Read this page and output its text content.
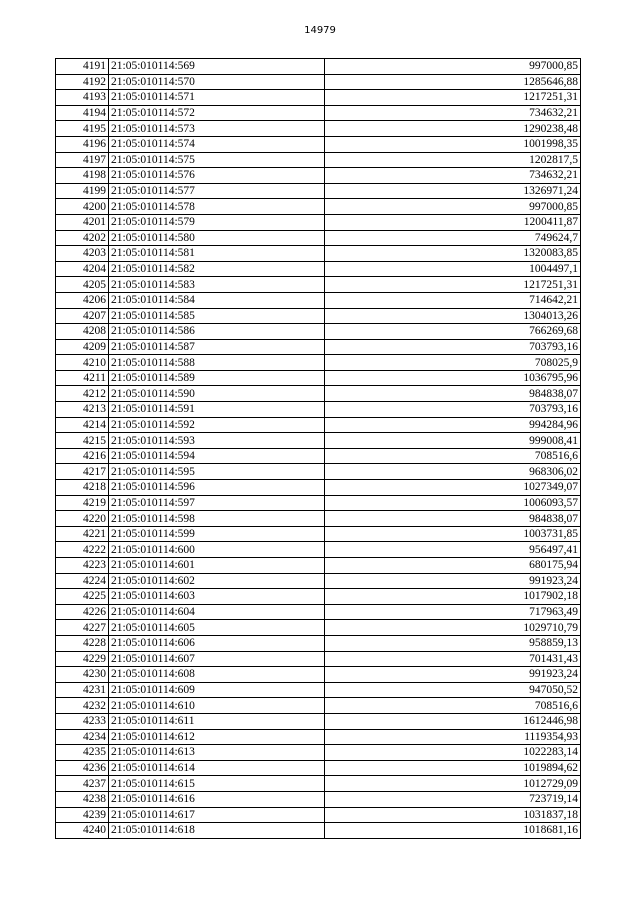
14979
4191	21:05:010114:569	997000,85
4192	21:05:010114:570	1285646,88
4193	21:05:010114:571	1217251,31
4194	21:05:010114:572	734632,21
4195	21:05:010114:573	1290238,48
4196	21:05:010114:574	1001998,35
4197	21:05:010114:575	1202817,5
4198	21:05:010114:576	734632,21
4199	21:05:010114:577	1326971,24
4200	21:05:010114:578	997000,85
4201	21:05:010114:579	1200411,87
4202	21:05:010114:580	749624,7
4203	21:05:010114:581	1320083,85
4204	21:05:010114:582	1004497,1
4205	21:05:010114:583	1217251,31
4206	21:05:010114:584	714642,21
4207	21:05:010114:585	1304013,26
4208	21:05:010114:586	766269,68
4209	21:05:010114:587	703793,16
4210	21:05:010114:588	708025,9
4211	21:05:010114:589	1036795,96
4212	21:05:010114:590	984838,07
4213	21:05:010114:591	703793,16
4214	21:05:010114:592	994284,96
4215	21:05:010114:593	999008,41
4216	21:05:010114:594	708516,6
4217	21:05:010114:595	968306,02
4218	21:05:010114:596	1027349,07
4219	21:05:010114:597	1006093,57
4220	21:05:010114:598	984838,07
4221	21:05:010114:599	1003731,85
4222	21:05:010114:600	956497,41
4223	21:05:010114:601	680175,94
4224	21:05:010114:602	991923,24
4225	21:05:010114:603	1017902,18
4226	21:05:010114:604	717963,49
4227	21:05:010114:605	1029710,79
4228	21:05:010114:606	958859,13
4229	21:05:010114:607	701431,43
4230	21:05:010114:608	991923,24
4231	21:05:010114:609	947050,52
4232	21:05:010114:610	708516,6
4233	21:05:010114:611	1612446,98
4234	21:05:010114:612	1119354,93
4235	21:05:010114:613	1022283,14
4236	21:05:010114:614	1019894,62
4237	21:05:010114:615	1012729,09
4238	21:05:010114:616	723719,14
4239	21:05:010114:617	1031837,18
4240	21:05:010114:618	1018681,16
